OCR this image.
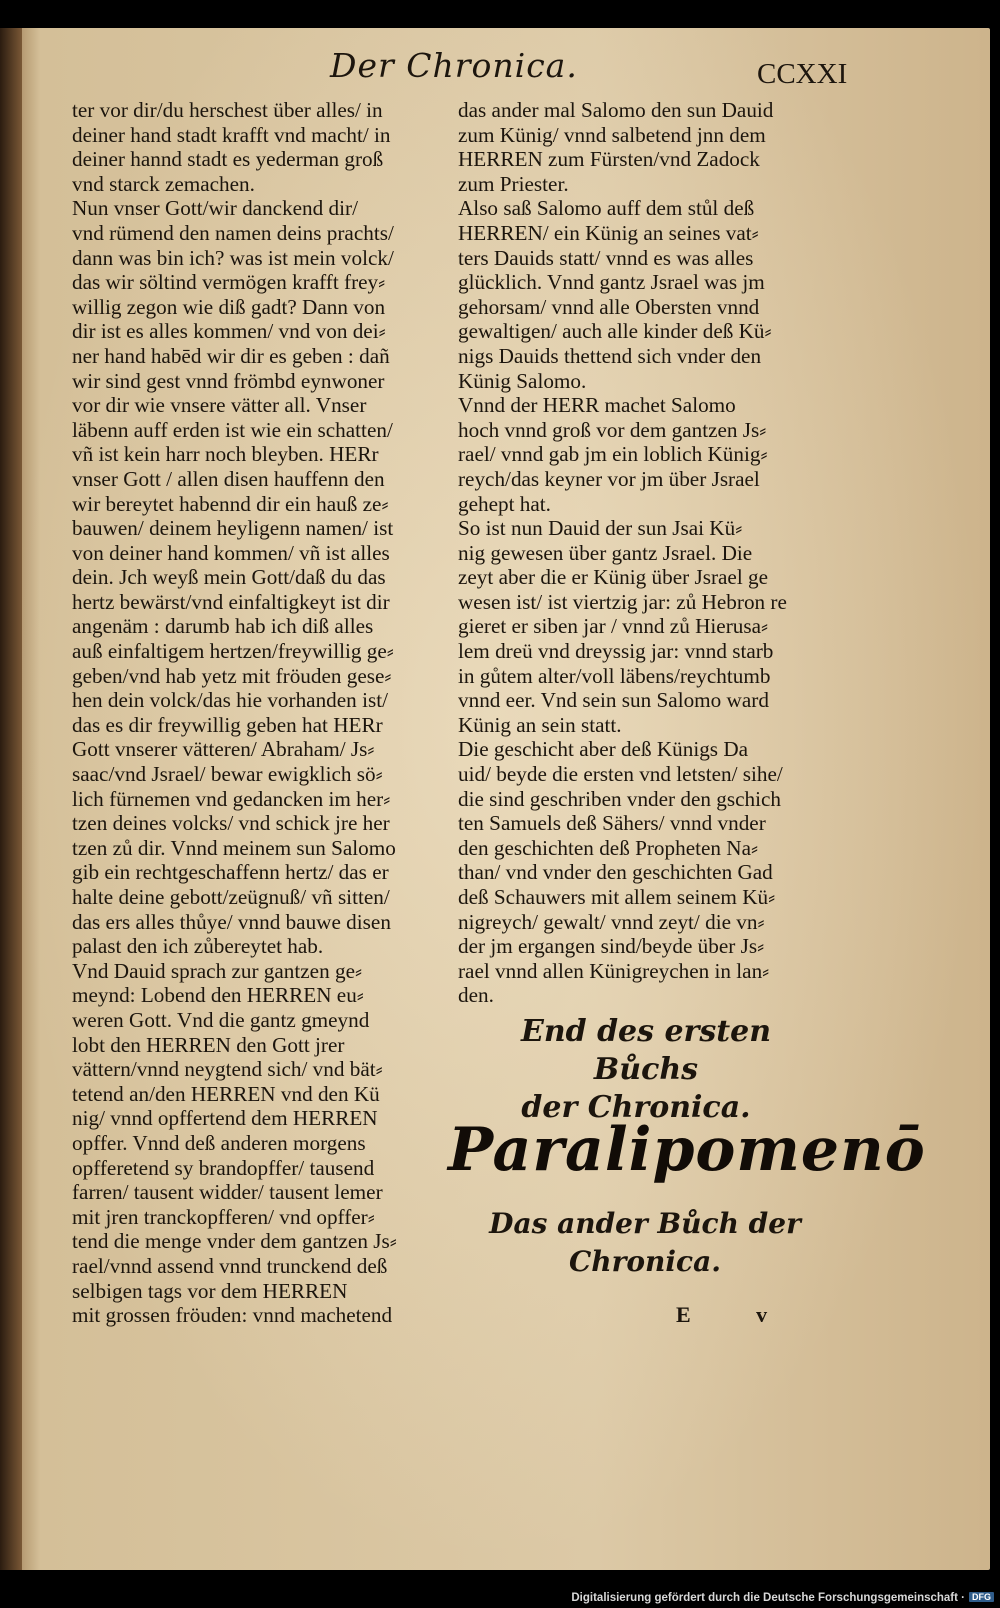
Der Chronica.	CCXXI
ter vor dir/du herschest über alles/ in
deiner hand stadt krafft vnd macht/ in
deiner hannd stadt es yederman groß
vnd starck zemachen.
Nun vnser Gott/wir danckend dir/
vnd rümend den namen deins prachts/
dann was bin ich? was ist mein volck/
das wir söltind vermögen krafft frey⸗
willig zegon wie diß gadt? Dann von
dir ist es alles kommen/ vnd von dei⸗
ner hand habēd wir dir es geben : dañ
wir sind gest vnnd frömbd eynwoner
vor dir wie vnsere vätter all. Vnser
läbenn auff erden ist wie ein schatten/
vñ ist kein harr noch bleyben. HERr
vnser Gott / allen disen hauffenn den
wir bereytet habennd dir ein hauß ze⸗
bauwen/ deinem heyligenn namen/ ist
von deiner hand kommen/ vñ ist alles
dein. Jch weyß mein Gott/daß du das
hertz bewärst/vnd einfaltigkeyt ist dir
angenäm : darumb hab ich diß alles
auß einfaltigem hertzen/freywillig ge⸗
geben/vnd hab yetz mit fröuden gese⸗
hen dein volck/das hie vorhanden ist/
das es dir freywillig geben hat HERr
Gott vnserer vätteren/ Abraham/ Js⸗
saac/vnd Jsrael/ bewar ewigklich sö⸗
lich fürnemen vnd gedancken im her⸗
tzen deines volcks/ vnd schick jre her
tzen zů dir. Vnnd meinem sun Salomo
gib ein rechtgeschaffenn hertz/ das er
halte deine gebott/zeügnuß/ vñ sitten/
das ers alles thůye/ vnnd bauwe disen
palast den ich zůbereytet hab.
Vnd Dauid sprach zur gantzen ge⸗
meynd: Lobend den HERREN eu⸗
weren Gott. Vnd die gantz gmeynd
lobt den HERREN den Gott jrer
vättern/vnnd neygtend sich/ vnd bät⸗
tetend an/den HERREN vnd den Kü
nig/ vnnd opffertend dem HERREN
opffer. Vnnd deß anderen morgens
opfferetend sy brandopffer/ tausend
farren/ tausent widder/ tausent lemer
mit jren tranckopfferen/ vnd opffer⸗
tend die menge vnder dem gantzen Js⸗
rael/vnnd assend vnnd trunckend deß
selbigen tags vor dem HERREN
mit grossen fröuden: vnnd machetend
das ander mal Salomo den sun Dauid
zum Künig/ vnnd salbetend jnn dem
HERREN zum Fürsten/vnd Zadock
zum Priester.
Also saß Salomo auff dem stůl deß
HERREN/ ein Künig an seines vat⸗
ters Dauids statt/ vnnd es was alles
glücklich. Vnnd gantz Jsrael was jm
gehorsam/ vnnd alle Obersten vnnd
gewaltigen/ auch alle kinder deß Kü⸗
nigs Dauids thettend sich vnder den
Künig Salomo.
Vnnd der HERR machet Salomo
hoch vnnd groß vor dem gantzen Js⸗
rael/ vnnd gab jm ein loblich Künig⸗
reych/das keyner vor jm über Jsrael
gehept hat.
So ist nun Dauid der sun Jsai Kü⸗
nig gewesen über gantz Jsrael. Die
zeyt aber die er Künig über Jsrael ge
wesen ist/ ist viertzig jar: zů Hebron re
gieret er siben jar / vnnd zů Hierusa⸗
lem dreü vnd dreyssig jar: vnnd starb
in gůtem alter/voll läbens/reychtumb
vnnd eer. Vnd sein sun Salomo ward
Künig an sein statt.
Die geschicht aber deß Künigs Da
uid/ beyde die ersten vnd letsten/ sihe/
die sind geschriben vnder den gschich
ten Samuels deß Sähers/ vnnd vnder
den geschichten deß Propheten Na⸗
than/ vnd vnder den geschichten Gad
deß Schauwers mit allem seinem Kü⸗
nigreych/ gewalt/ vnnd zeyt/ die vn⸗
der jm ergangen sind/beyde über Js⸗
rael vnnd allen Künigreychen in lan⸗
den.
End des ersten Bůchs
der Chronica.
Paralipomenō
Das ander Bůch der
Chronica.
E v
Digitalisierung gefördert durch die Deutsche Forschungsgemeinschaft · DFG
